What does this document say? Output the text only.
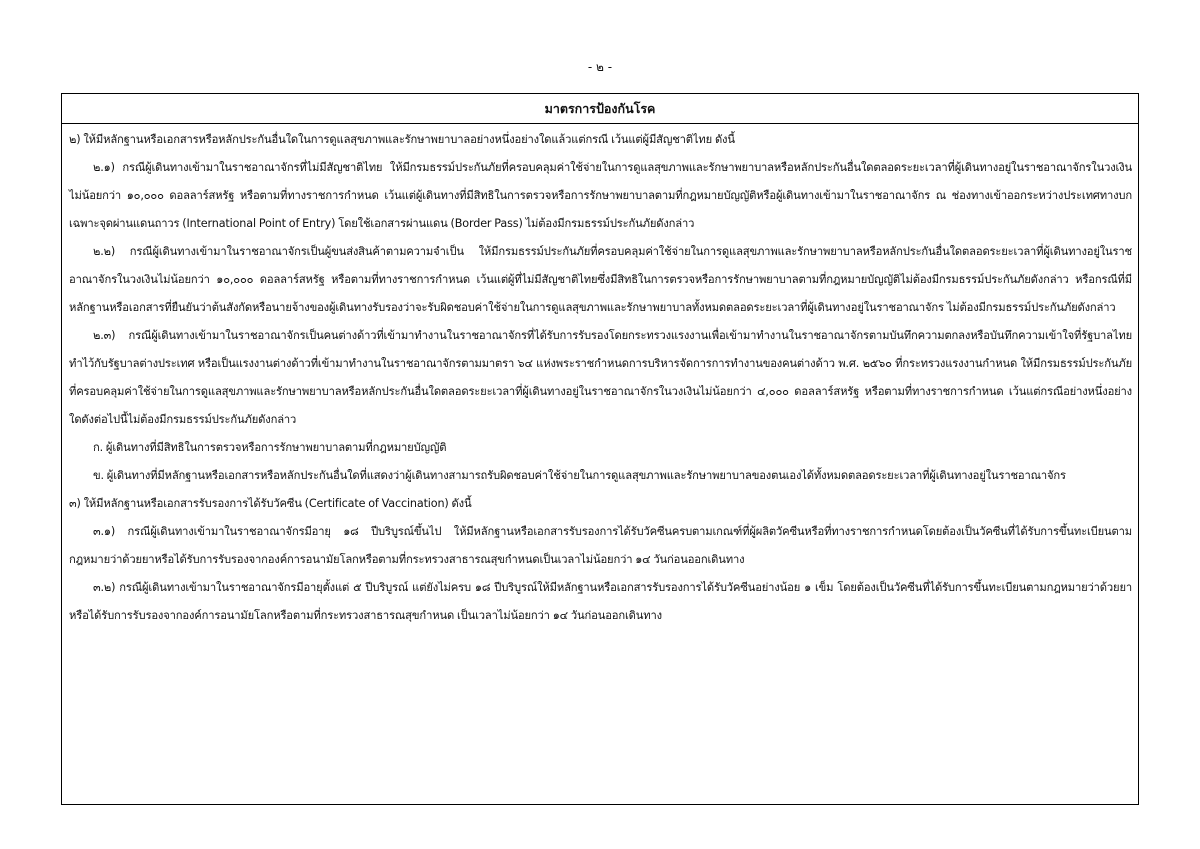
- ๒ -
มาตรการป้องกันโรค

๒) ให้มีหลักฐานหรือเอกสารหรือหลักประกันอื่นใดในการดูแลสุขภาพและรักษาพยาบาลอย่างหนึ่งอย่างใดแล้วแต่กรณี เว้นแต่ผู้มีสัญชาติไทย ดังนี้

๒.๑) กรณีผู้เดินทางเข้ามาในราชอาณาจักรที่ไม่มีสัญชาติไทย ให้มีกรมธรรม์ประกันภัยที่ครอบคลุมค่าใช้จ่ายในการดูแลสุขภาพและรักษาพยาบาลหรือหลักประกันอื่นใดตลอดระยะเวลาที่ผู้เดินทางอยู่ในราชอาณาจักรในวงเงินไม่น้อยกว่า ๑๐,๐๐๐ ดอลลาร์สหรัฐ หรือตามที่ทางราชการกำหนด เว้นแต่ผู้เดินทางที่มีสิทธิในการตรวจหรือการรักษาพยาบาลตามที่กฎหมายบัญญัติหรือผู้เดินทางเข้ามาในราชอาณาจักร ณ ช่องทางเข้าออกระหว่างประเทศทางบก เฉพาะจุดผ่านแดนถาวร (International Point of Entry) โดยใช้เอกสารผ่านแดน (Border Pass) ไม่ต้องมีกรมธรรม์ประกันภัยดังกล่าว

๒.๒) กรณีผู้เดินทางเข้ามาในราชอาณาจักรเป็นผู้ขนส่งสินค้าตามความจำเป็น ให้มีกรมธรรม์ประกันภัยที่ครอบคลุมค่าใช้จ่ายในการดูแลสุขภาพและรักษาพยาบาลหรือหลักประกันอื่นใดตลอดระยะเวลาที่ผู้เดินทางอยู่ในราชอาณาจักรในวงเงินไม่น้อยกว่า ๑๐,๐๐๐ ดอลลาร์สหรัฐ หรือตามที่ทางราชการกำหนด เว้นแต่ผู้ที่ไม่มีสัญชาติไทยซึ่งมีสิทธิในการตรวจหรือการรักษาพยาบาลตามที่กฎหมายบัญญัติไม่ต้องมีกรมธรรม์ประกันภัยดังกล่าว หรือกรณีที่มีหลักฐานหรือเอกสารที่ยืนยันว่าต้นสังกัดหรือนายจ้างของผู้เดินทางรับรองว่าจะรับผิดชอบค่าใช้จ่ายในการดูแลสุขภาพและรักษาพยาบาลทั้งหมดตลอดระยะเวลาที่ผู้เดินทางอยู่ในราชอาณาจักร ไม่ต้องมีกรมธรรม์ประกันภัยดังกล่าว

๒.๓) กรณีผู้เดินทางเข้ามาในราชอาณาจักรเป็นคนต่างด้าวที่เข้ามาทำงานในราชอาณาจักรที่ได้รับการรับรองโดยกระทรวงแรงงานเพื่อเข้ามาทำงานในราชอาณาจักรตามบันทึกความตกลงหรือบันทึกความเข้าใจที่รัฐบาลไทยทำไว้กับรัฐบาลต่างประเทศ หรือเป็นแรงงานต่างด้าวที่เข้ามาทำงานในราชอาณาจักรตามมาตรา ๖๔ แห่งพระราชกำหนดการบริหารจัดการการทำงานของคนต่างด้าว พ.ศ. ๒๕๖๐ ที่กระทรวงแรงงานกำหนด ให้มีกรมธรรม์ประกันภัยที่ครอบคลุมค่าใช้จ่ายในการดูแลสุขภาพและรักษาพยาบาลหรือหลักประกันอื่นใดตลอดระยะเวลาที่ผู้เดินทางอยู่ในราชอาณาจักรในวงเงินไม่น้อยกว่า ๔,๐๐๐ ดอลลาร์สหรัฐ หรือตามที่ทางราชการกำหนด เว้นแต่กรณีอย่างหนึ่งอย่างใดดังต่อไปนี้ไม่ต้องมีกรมธรรม์ประกันภัยดังกล่าว

ก. ผู้เดินทางที่มีสิทธิในการตรวจหรือการรักษาพยาบาลตามที่กฎหมายบัญญัติ

ข. ผู้เดินทางที่มีหลักฐานหรือเอกสารหรือหลักประกันอื่นใดที่แสดงว่าผู้เดินทางสามารถรับผิดชอบค่าใช้จ่ายในการดูแลสุขภาพและรักษาพยาบาลของตนเองได้ทั้งหมดตลอดระยะเวลาที่ผู้เดินทางอยู่ในราชอาณาจักร

๓) ให้มีหลักฐานหรือเอกสารรับรองการได้รับวัคซีน (Certificate of Vaccination) ดังนี้

๓.๑) กรณีผู้เดินทางเข้ามาในราชอาณาจักรมีอายุ ๑๘ ปีบริบูรณ์ขึ้นไป ให้มีหลักฐานหรือเอกสารรับรองการได้รับวัคซีนครบตามเกณฑ์ที่ผู้ผลิตวัคซีนหรือที่ทางราชการกำหนดโดยต้องเป็นวัคซีนที่ได้รับการขึ้นทะเบียนตามกฎหมายว่าด้วยยาหรือได้รับการรับรองจากองค์การอนามัยโลกหรือตามที่กระทรวงสาธารณสุขกำหนดเป็นเวลาไม่น้อยกว่า ๑๔ วันก่อนออกเดินทาง

๓.๒) กรณีผู้เดินทางเข้ามาในราชอาณาจักรมีอายุตั้งแต่ ๕ ปีบริบูรณ์ แต่ยังไม่ครบ ๑๘ ปีบริบูรณ์ให้มีหลักฐานหรือเอกสารรับรองการได้รับวัคซีนอย่างน้อย ๑ เข็ม โดยต้องเป็นวัคซีนที่ได้รับการขึ้นทะเบียนตามกฎหมายว่าด้วยยาหรือได้รับการรับรองจากองค์การอนามัยโลกหรือตามที่กระทรวงสาธารณสุขกำหนด เป็นเวลาไม่น้อยกว่า ๑๔ วันก่อนออกเดินทาง
